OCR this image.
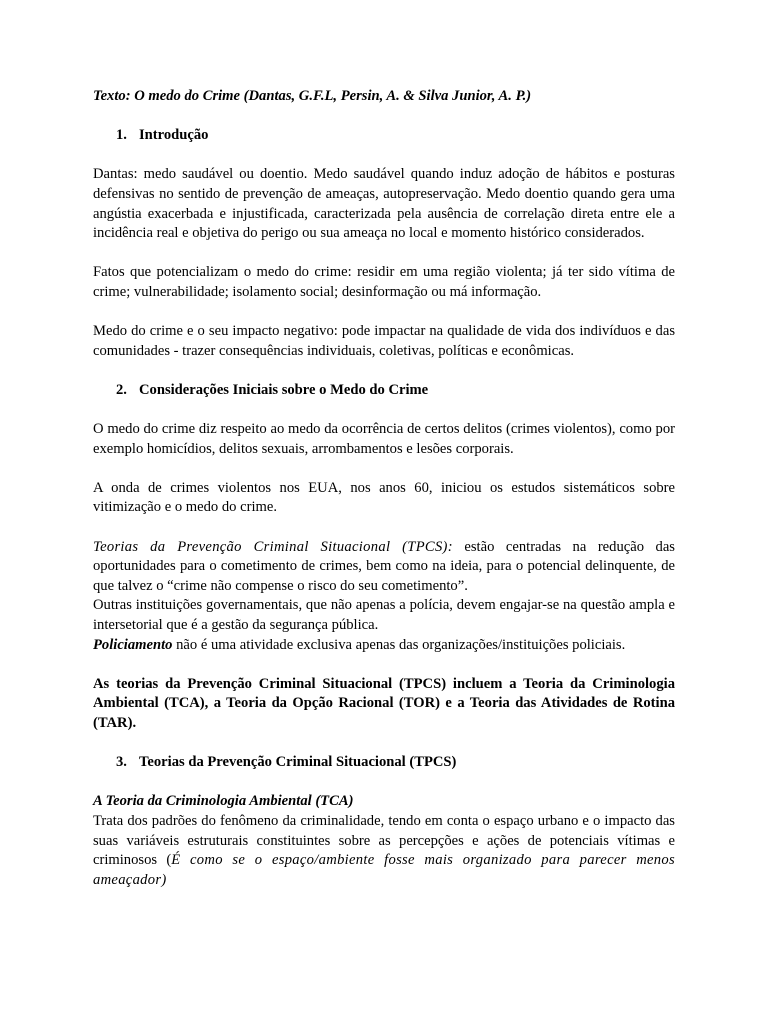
Texto: O medo do Crime (Dantas, G.F.L, Persin, A. & Silva Junior, A. P.)

1. Introdução

Dantas: medo saudável ou doentio. Medo saudável quando induz adoção de hábitos e posturas defensivas no sentido de prevenção de ameaças, autopreservação. Medo doentio quando gera uma angústia exacerbada e injustificada, caracterizada pela ausência de correlação direta entre ele a incidência real e objetiva do perigo ou sua ameaça no local e momento histórico considerados.

Fatos que potencializam o medo do crime: residir em uma região violenta; já ter sido vítima de crime; vulnerabilidade; isolamento social; desinformação ou má informação.

Medo do crime e o seu impacto negativo: pode impactar na qualidade de vida dos indivíduos e das comunidades - trazer consequências individuais, coletivas, políticas e econômicas.

2. Considerações Iniciais sobre o Medo do Crime

O medo do crime diz respeito ao medo da ocorrência de certos delitos (crimes violentos), como por exemplo homicídios, delitos sexuais, arrombamentos e lesões corporais.

A onda de crimes violentos nos EUA, nos anos 60, iniciou os estudos sistemáticos sobre vitimização e o medo do crime.

Teorias da Prevenção Criminal Situacional (TPCS): estão centradas na redução das oportunidades para o cometimento de crimes, bem como na ideia, para o potencial delinquente, de que talvez o “crime não compense o risco do seu cometimento”.

Outras instituições governamentais, que não apenas a polícia, devem engajar-se na questão ampla e intersetorial que é a gestão da segurança pública.

Policiamento não é uma atividade exclusiva apenas das organizações/instituições policiais.

As teorias da Prevenção Criminal Situacional (TPCS) incluem a Teoria da Criminologia Ambiental (TCA), a Teoria da Opção Racional (TOR) e a Teoria das Atividades de Rotina (TAR).

3. Teorias da Prevenção Criminal Situacional (TPCS)

A Teoria da Criminologia Ambiental (TCA)

Trata dos padrões do fenômeno da criminalidade, tendo em conta o espaço urbano e o impacto das suas variáveis estruturais constituintes sobre as percepções e ações de potenciais vítimas e criminosos (É como se o espaço/ambiente fosse mais organizado para parecer menos ameaçador)
